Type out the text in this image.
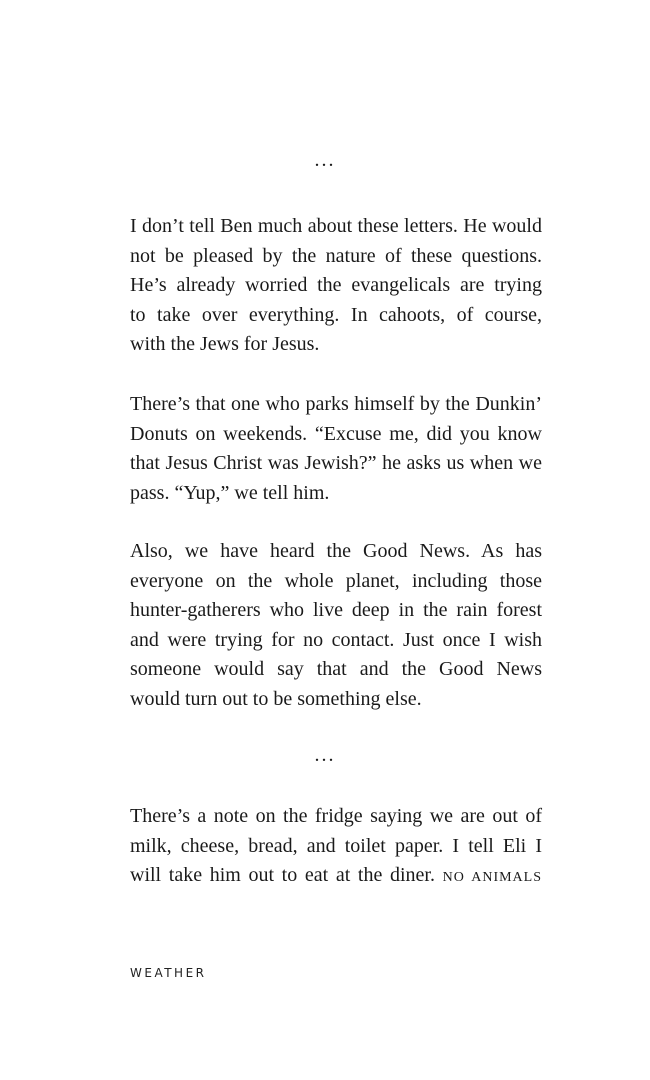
...
I don’t tell Ben much about these letters. He would
not be pleased by the nature of these questions.
He’s already worried the evangelicals are trying
to take over everything. In cahoots, of course,
with the Jews for Jesus.
There’s that one who parks himself by the Dunkin’
Donuts on weekends. “Excuse me, did you know
that Jesus Christ was Jewish?” he asks us when we
pass. “Yup,” we tell him.
Also, we have heard the Good News. As has
everyone on the whole planet, including those
hunter-gatherers who live deep in the rain forest
and were trying for no contact. Just once I wish
someone would say that and the Good News
would turn out to be something else.
...
There’s a note on the fridge saying we are out of
milk, cheese, bread, and toilet paper. I tell Eli I
will take him out to eat at the diner. NO ANIMALS
WEATHER
